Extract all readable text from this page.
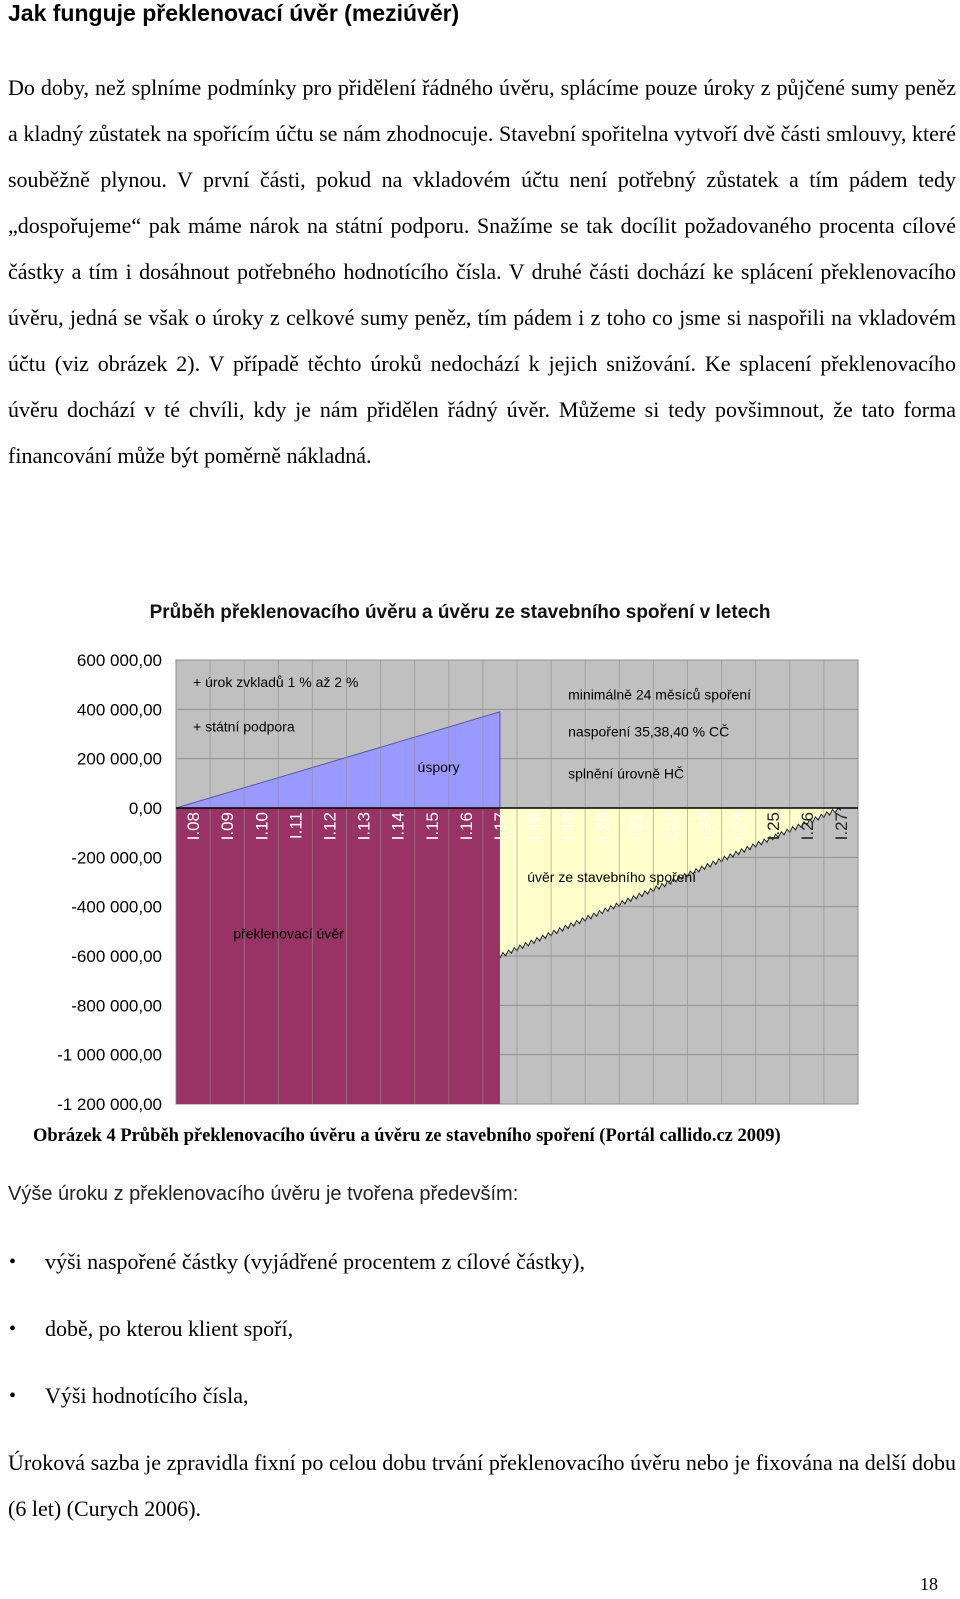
Jak funguje překlenovací úvěr (meziúvěr)

Do doby, než splníme podmínky pro přidělení řádného úvěru, splácíme pouze úroky z půjčené sumy peněz a kladný zůstatek na spořícím účtu se nám zhodnocuje. Stavební spořitelna vytvoří dvě části smlouvy, které souběžně plynou. V první části, pokud na vkladovém účtu není potřebný zůstatek a tím pádem tedy „dospořujeme“ pak máme nárok na státní podporu. Snažíme se tak docílit požadovaného procenta cílové částky a tím i dosáhnout potřebného hodnotícího čísla. V druhé části dochází ke splácení překlenovacího úvěru, jedná se však o úroky z celkové sumy peněz, tím pádem i z toho co jsme si naspořili na vkladovém účtu (viz obrázek 2). V případě těchto úroků nedochází k jejich snižování. Ke splacení překlenovacího úvěru dochází v té chvíli, kdy je nám přidělen řádný úvěr. Můžeme si tedy povšimnout, že tato forma financování může být poměrně nákladná.

Průběh překlenovacího úvěru a úvěru ze stavebního spoření v letech
600 000,00
400 000,00
200 000,00
0,00
-200 000,00
-400 000,00
-600 000,00
-800 000,00
-1 000 000,00
-1 200 000,00
I.08 I.09 I.10 I.11 I.12 I.13 I.14 I.15 I.16 I.17 I.18 I.19 I.20 I.21 I.22 I.23 I.24 I.25 I.26 I.27
úspory
překlenovací úvěr
úvěr ze stavebního spoření
+ úrok zvkladů 1 % až 2 %
+ státní podpora
minimálně 24 měsíců spoření
naspoření 35,38,40 % CČ
splnění úrovně HČ

Obrázek 4 Průběh překlenovacího úvěru a úvěru ze stavebního spoření (Portál callido.cz 2009)

Výše úroku z překlenovacího úvěru je tvořena především:

• výši naspořené částky (vyjádřené procentem z cílové částky),
• době, po kterou klient spoří,
• Výši hodnotícího čísla,

Úroková sazba je zpravidla fixní po celou dobu trvání překlenovacího úvěru nebo je fixována na delší dobu (6 let) (Curych 2006).

18
